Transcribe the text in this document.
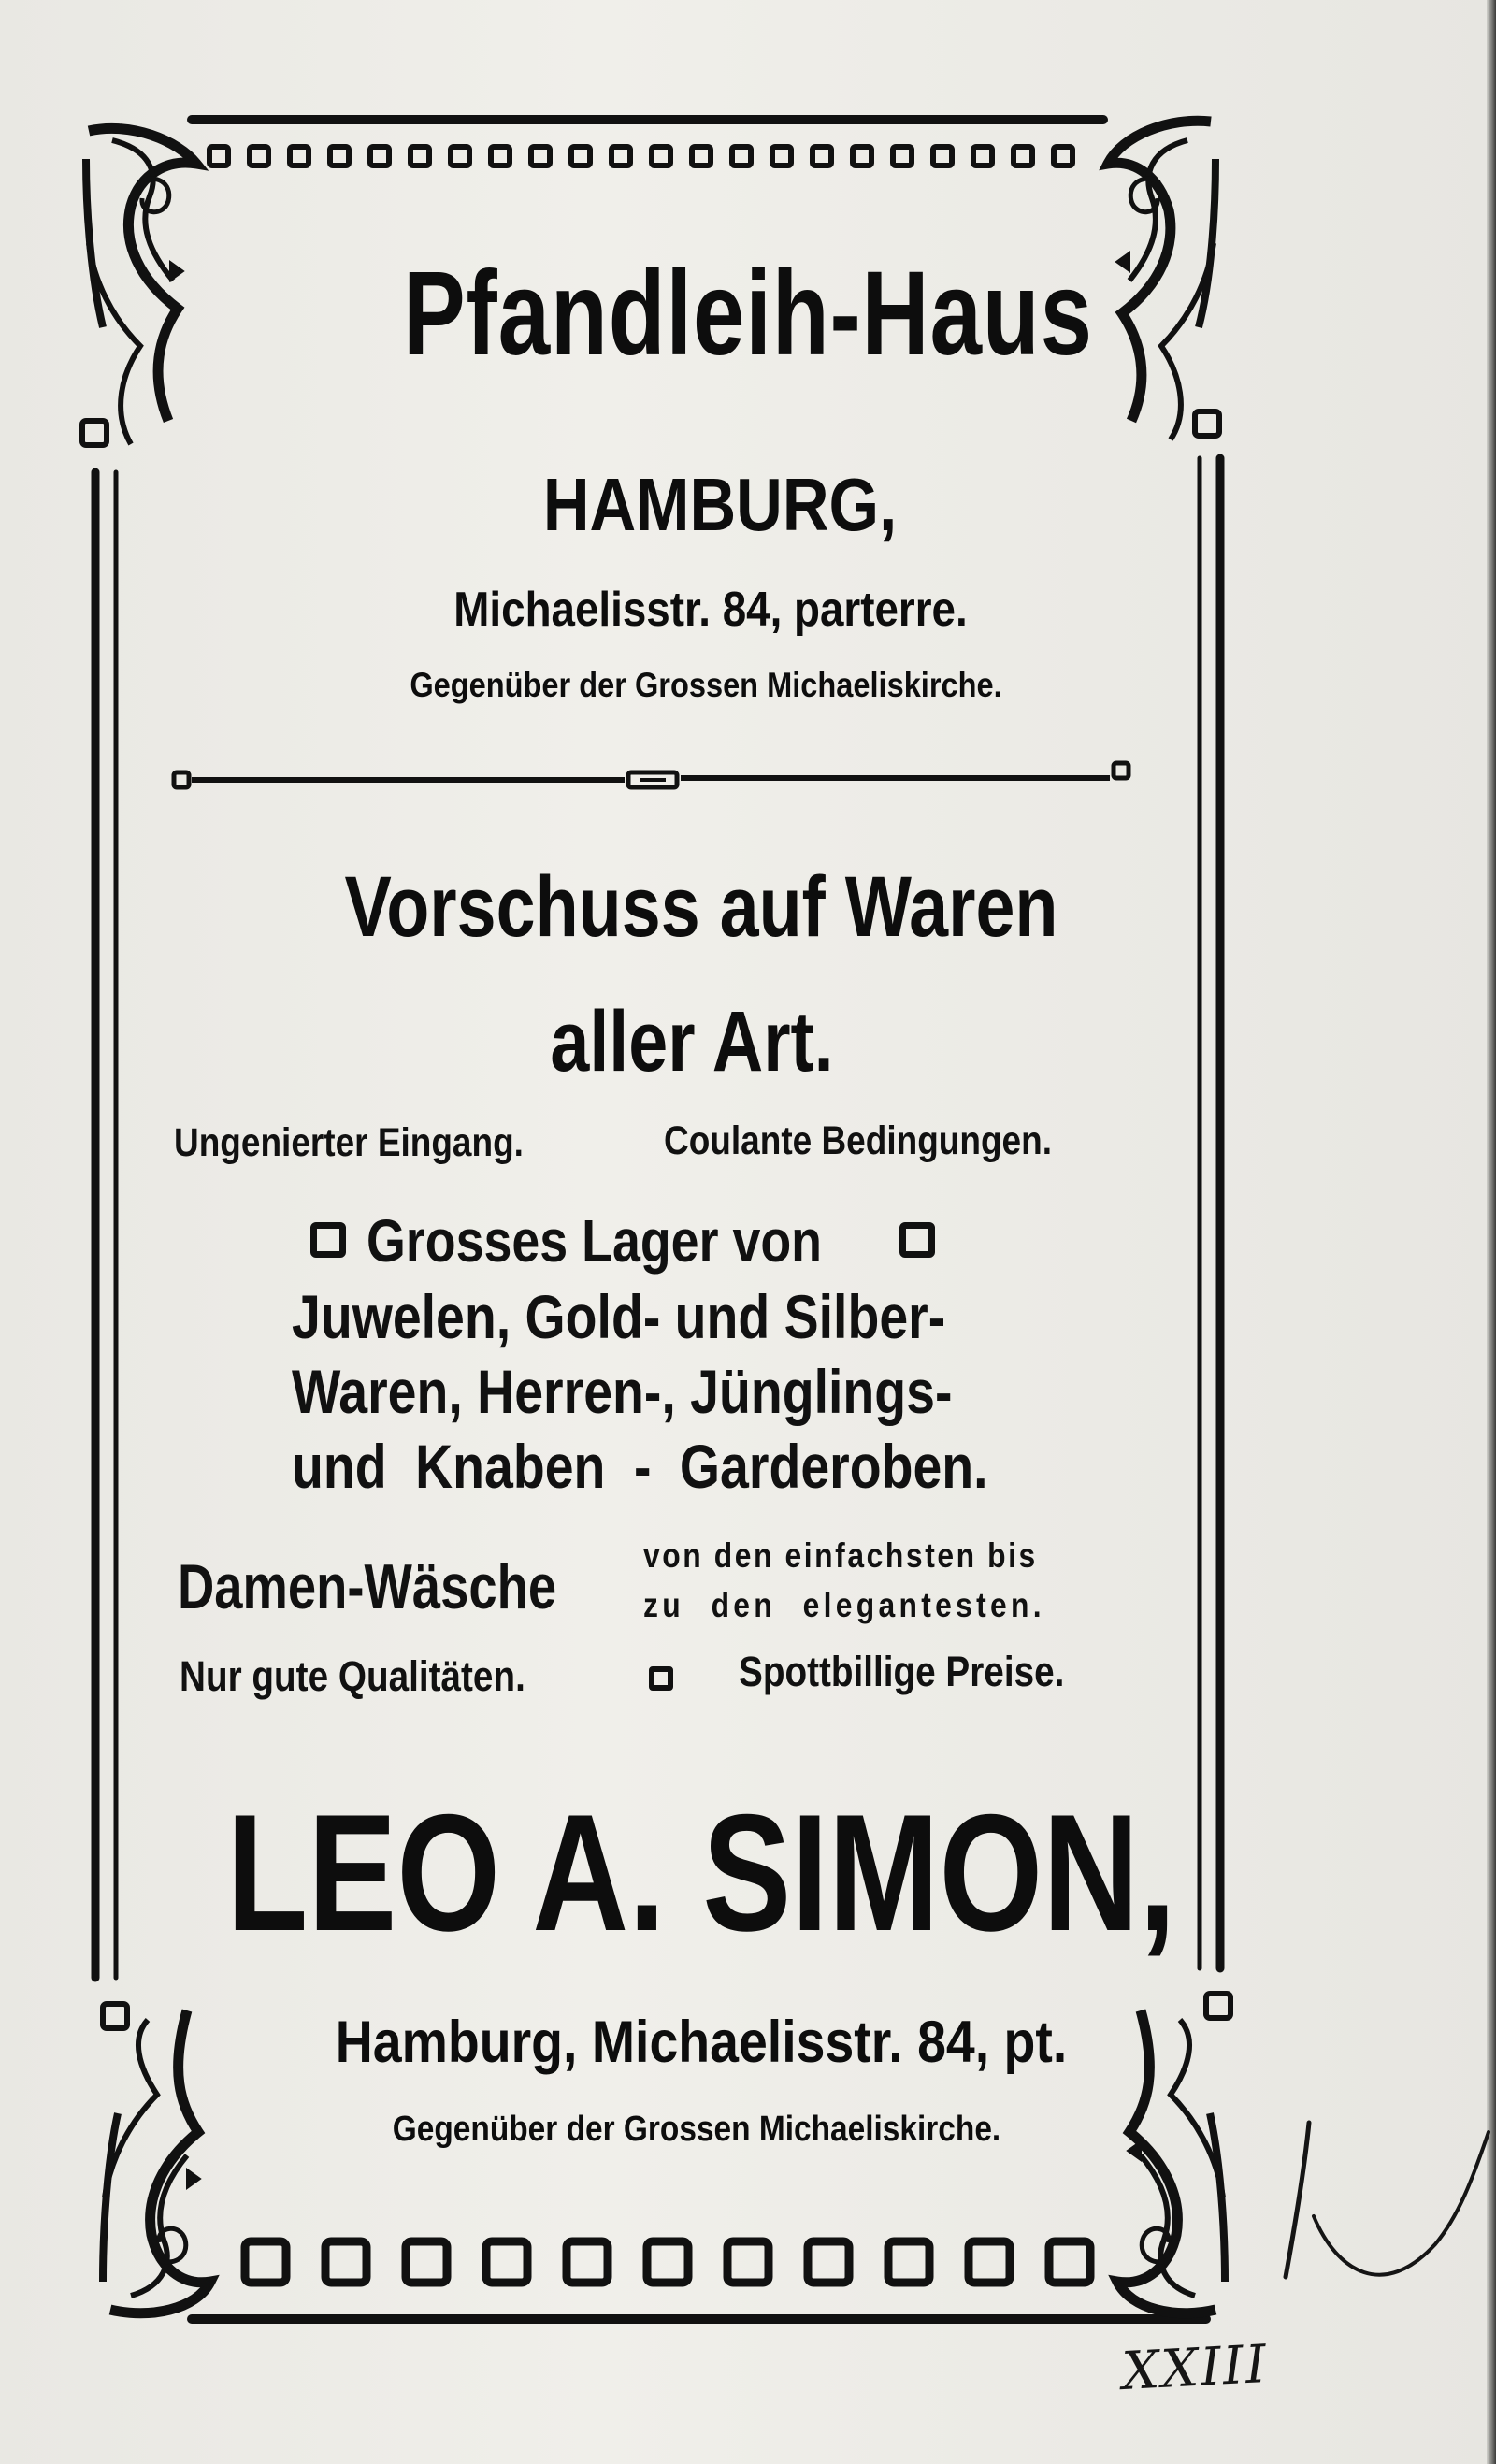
Pfandleih-Haus
HAMBURG,
Michaelisstr. 84, parterre.
Gegenüber der Grossen Michaeliskirche.
Vorschuss auf Waren
aller Art.
Ungenierter Eingang.	Coulante Bedingungen.
Grosses Lager von
Juwelen, Gold- und Silber-
Waren, Herren-, Jünglings-
und Knaben - Garderoben.
Damen-Wäsche	von den einfachsten bis
zu den elegantesten.
Nur gute Qualitäten.	Spottbillige Preise.
LEO A. SIMON,
Hamburg, Michaelisstr. 84, pt.
Gegenüber der Grossen Michaeliskirche.
XXIII
